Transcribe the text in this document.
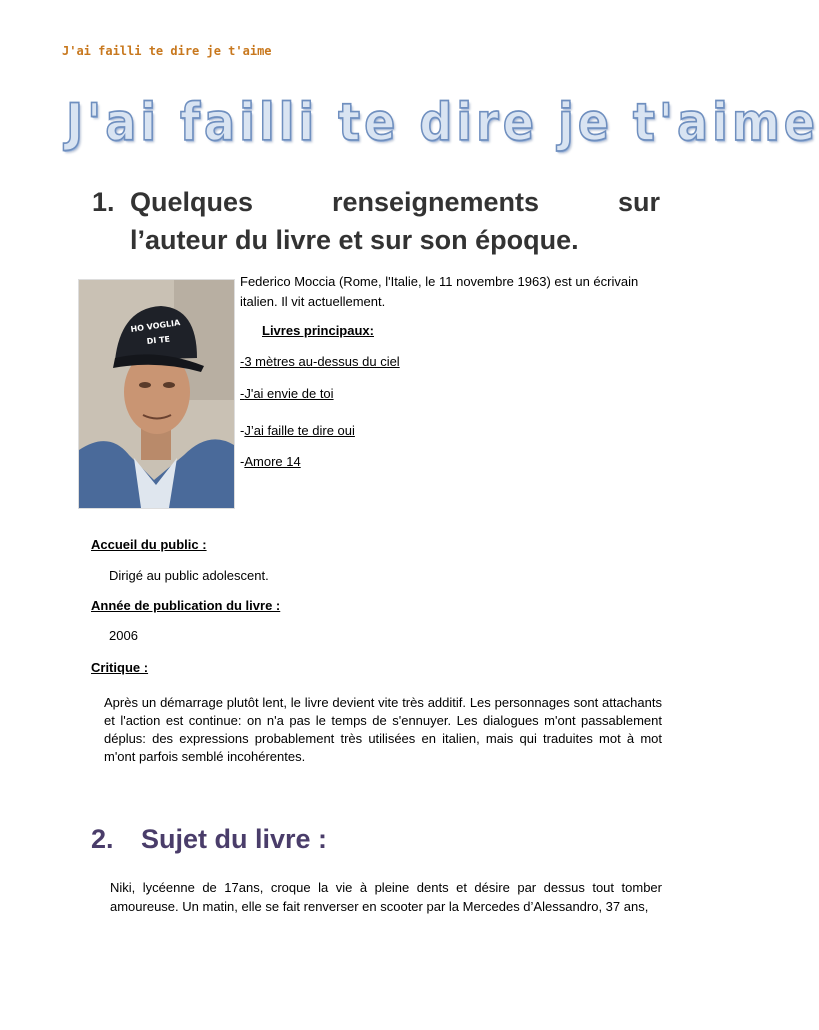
J'ai failli te dire je t'aime
J'ai failli te dire je t'aime
1. Quelques	renseignements	sur
l’auteur du livre et sur son époque.
HO VOGLIA
DI TE
Federico Moccia (Rome, l'Italie, le 11 novembre 1963) est un écrivain italien. Il vit actuellement.
Livres principaux:
-3 mètres au-dessus du ciel
-J'ai envie de toi
-J’ai faille te dire oui
-Amore 14
Accueil du public :
Dirigé au public adolescent.
Année de publication du livre :
2006
Critique :
Après un démarrage plutôt lent, le livre devient vite très additif. Les personnages sont attachants et l'action est continue: on n'a pas le temps de s'ennuyer. Les dialogues m'ont passablement déplus: des expressions probablement très utilisées en italien, mais qui traduites mot à mot m'ont parfois semblé incohérentes.
2. Sujet du livre :
Niki, lycéenne de 17ans, croque la vie à pleine dents et désire par dessus tout tomber amoureuse. Un matin, elle se fait renverser en scooter par la Mercedes d’Alessandro, 37 ans,
